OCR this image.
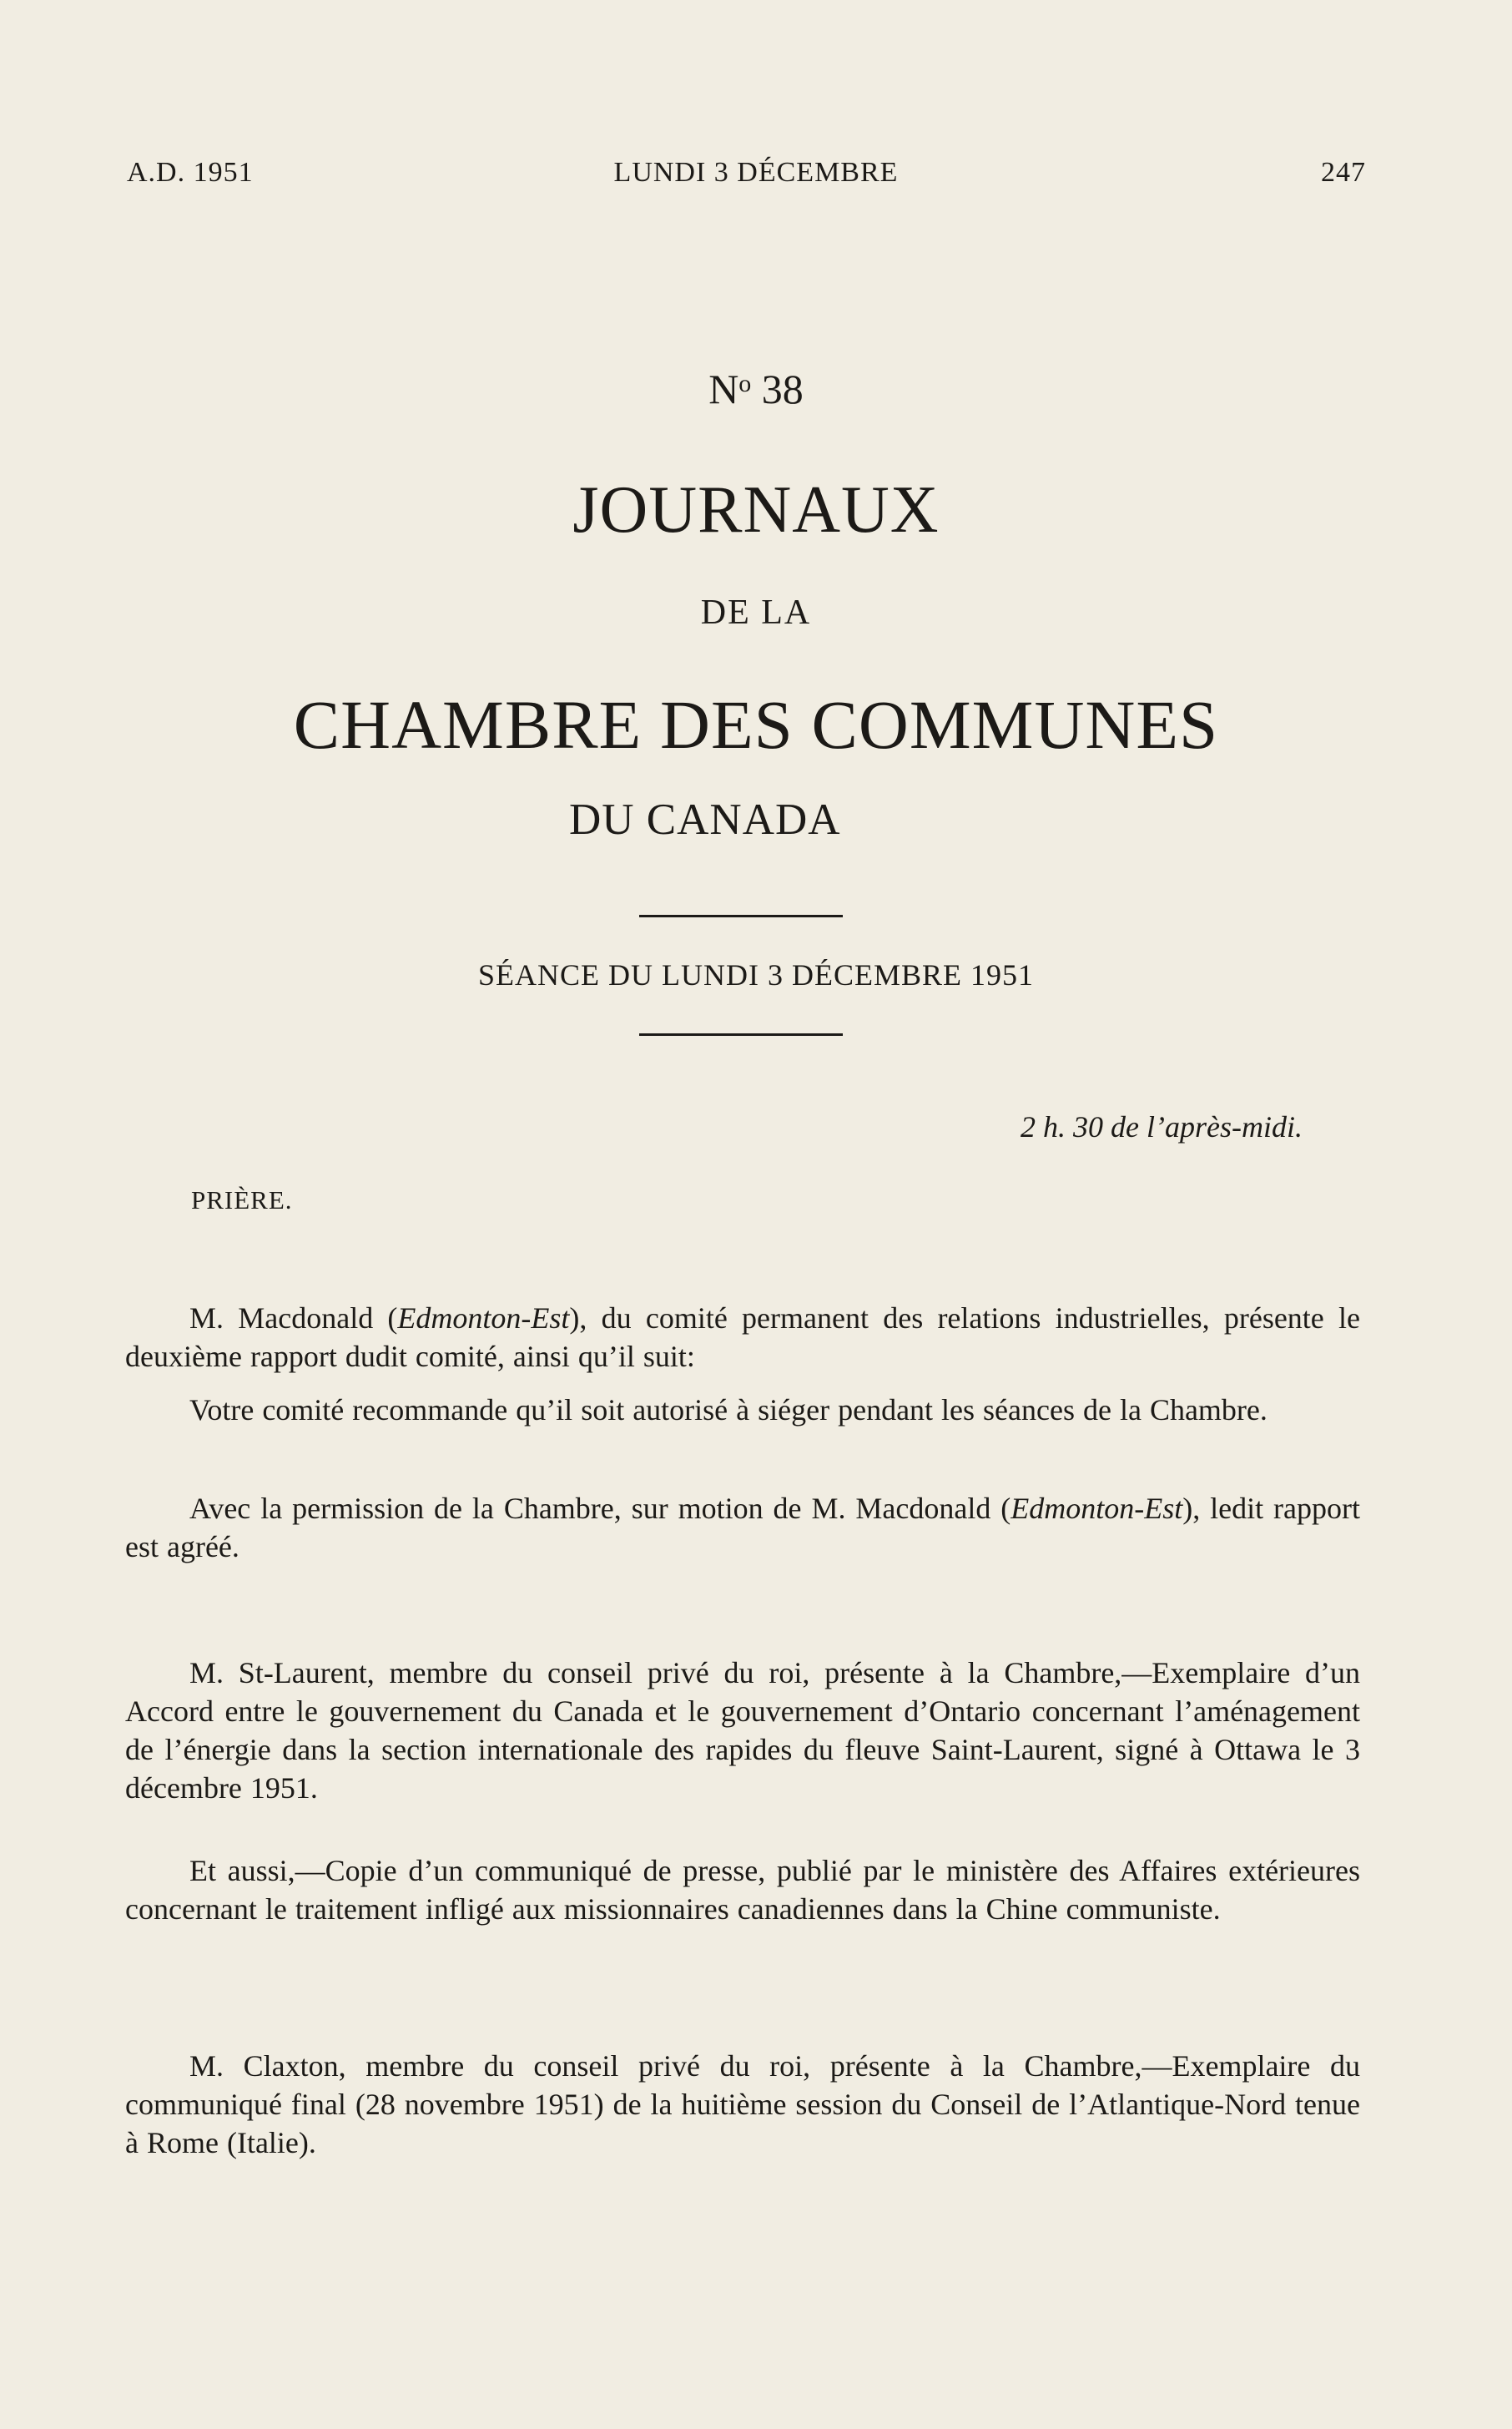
A.D. 1951	LUNDI 3 DÉCEMBRE	247
$N^o$ 38
JOURNAUX
DE LA
CHAMBRE DES COMMUNES
DU CANADA
SÉANCE DU LUNDI 3 DÉCEMBRE 1951
2 h. 30 de l’après-midi.
PRIÈRE.

M. Macdonald (Edmonton-Est), du comité permanent des relations industrielles, présente le deuxième rapport dudit comité, ainsi qu’il suit:

Votre comité recommande qu’il soit autorisé à siéger pendant les séances de la Chambre.

Avec la permission de la Chambre, sur motion de M. Macdonald (Edmonton-Est), ledit rapport est agréé.

M. St-Laurent, membre du conseil privé du roi, présente à la Chambre,—Exemplaire d’un Accord entre le gouvernement du Canada et le gouvernement d’Ontario concernant l’aménagement de l’énergie dans la section internationale des rapides du fleuve Saint-Laurent, signé à Ottawa le 3 décembre 1951.

Et aussi,—Copie d’un communiqué de presse, publié par le ministère des Affaires extérieures concernant le traitement infligé aux missionnaires canadiennes dans la Chine communiste.

M. Claxton, membre du conseil privé du roi, présente à la Chambre,—Exemplaire du communiqué final (28 novembre 1951) de la huitième session du Conseil de l’Atlantique-Nord tenue à Rome (Italie).
